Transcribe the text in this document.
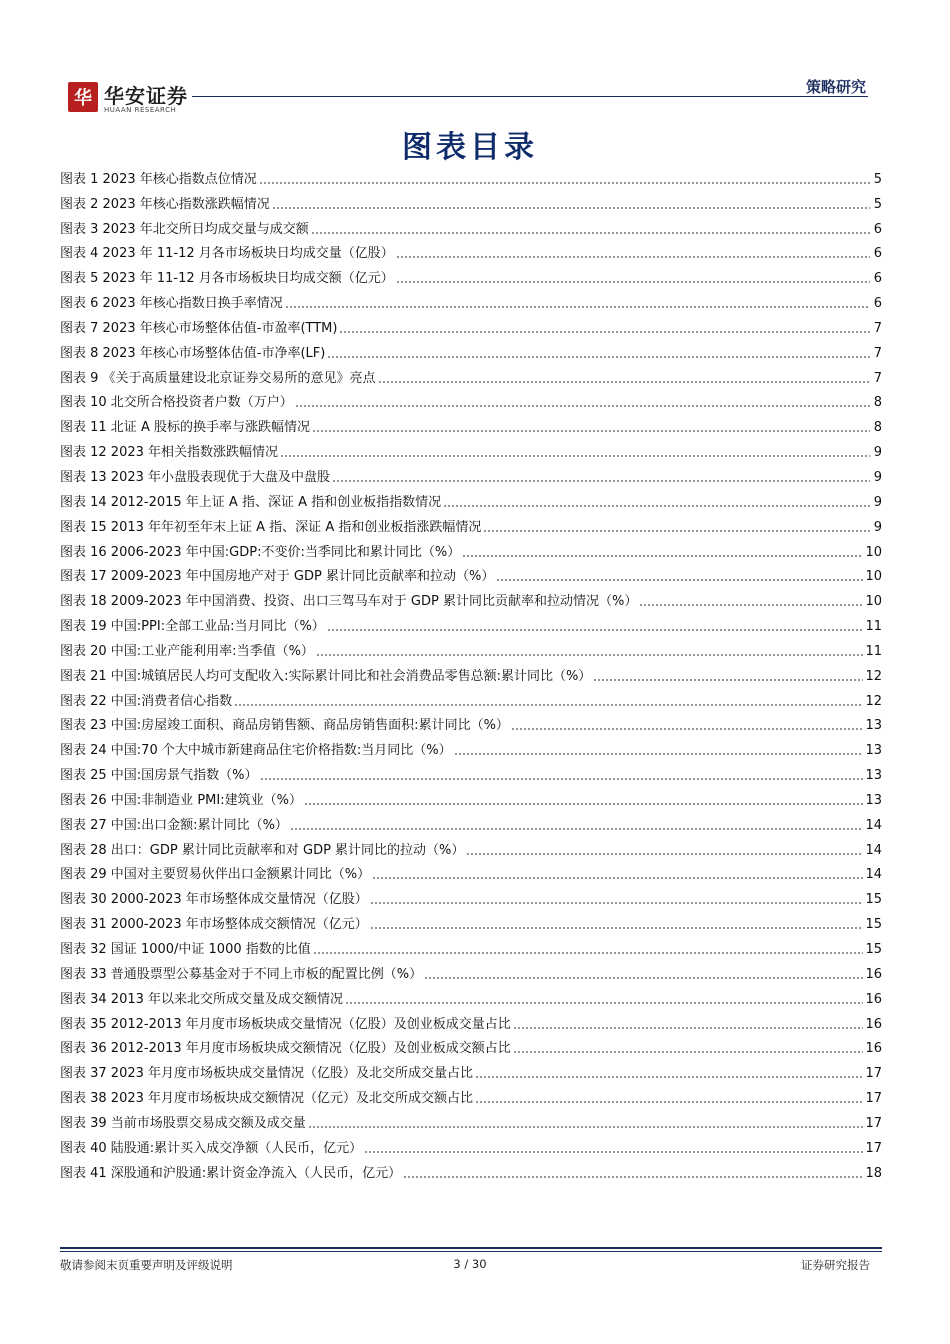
华 华安证券
HUAAN RESEARCH
策略研究
图表目录
图表 1 2023 年核心指数点位情况	5
图表 2 2023 年核心指数涨跌幅情况	5
图表 3 2023 年北交所日均成交量与成交额	6
图表 4 2023 年 11-12 月各市场板块日均成交量（亿股）	6
图表 5 2023 年 11-12 月各市场板块日均成交额（亿元）	6
图表 6 2023 年核心指数日换手率情况	6
图表 7 2023 年核心市场整体估值-市盈率(TTM)	7
图表 8 2023 年核心市场整体估值-市净率(LF)	7
图表 9 《关于高质量建设北京证券交易所的意见》亮点	7
图表 10 北交所合格投资者户数（万户）	8
图表 11 北证 A 股标的换手率与涨跌幅情况	8
图表 12 2023 年相关指数涨跌幅情况	9
图表 13 2023 年小盘股表现优于大盘及中盘股	9
图表 14 2012-2015 年上证 A 指、深证 A 指和创业板指指数情况	9
图表 15 2013 年年初至年末上证 A 指、深证 A 指和创业板指涨跌幅情况	9
图表 16 2006-2023 年中国:GDP:不变价:当季同比和累计同比（%）	10
图表 17 2009-2023 年中国房地产对于 GDP 累计同比贡献率和拉动（%）	10
图表 18 2009-2023 年中国消费、投资、出口三驾马车对于 GDP 累计同比贡献率和拉动情况（%）	10
图表 19 中国:PPI:全部工业品:当月同比（%）	11
图表 20 中国:工业产能利用率:当季值（%）	11
图表 21 中国:城镇居民人均可支配收入:实际累计同比和社会消费品零售总额:累计同比（%）	12
图表 22 中国:消费者信心指数	12
图表 23 中国:房屋竣工面积、商品房销售额、商品房销售面积:累计同比（%）	13
图表 24 中国:70 个大中城市新建商品住宅价格指数:当月同比（%）	13
图表 25 中国:国房景气指数（%）	13
图表 26 中国:非制造业 PMI:建筑业（%）	13
图表 27 中国:出口金额:累计同比（%）	14
图表 28 出口：GDP 累计同比贡献率和对 GDP 累计同比的拉动（%）	14
图表 29 中国对主要贸易伙伴出口金额累计同比（%）	14
图表 30 2000-2023 年市场整体成交量情况（亿股）	15
图表 31 2000-2023 年市场整体成交额情况（亿元）	15
图表 32 国证 1000/中证 1000 指数的比值	15
图表 33 普通股票型公募基金对于不同上市板的配置比例（%）	16
图表 34 2013 年以来北交所成交量及成交额情况	16
图表 35 2012-2013 年月度市场板块成交量情况（亿股）及创业板成交量占比	16
图表 36 2012-2013 年月度市场板块成交额情况（亿股）及创业板成交额占比	16
图表 37 2023 年月度市场板块成交量情况（亿股）及北交所成交量占比	17
图表 38 2023 年月度市场板块成交额情况（亿元）及北交所成交额占比	17
图表 39 当前市场股票交易成交额及成交量	17
图表 40 陆股通:累计买入成交净额（人民币，亿元）	17
图表 41 深股通和沪股通:累计资金净流入（人民币，亿元）	18
敬请参阅末页重要声明及评级说明	3 / 30	证券研究报告
